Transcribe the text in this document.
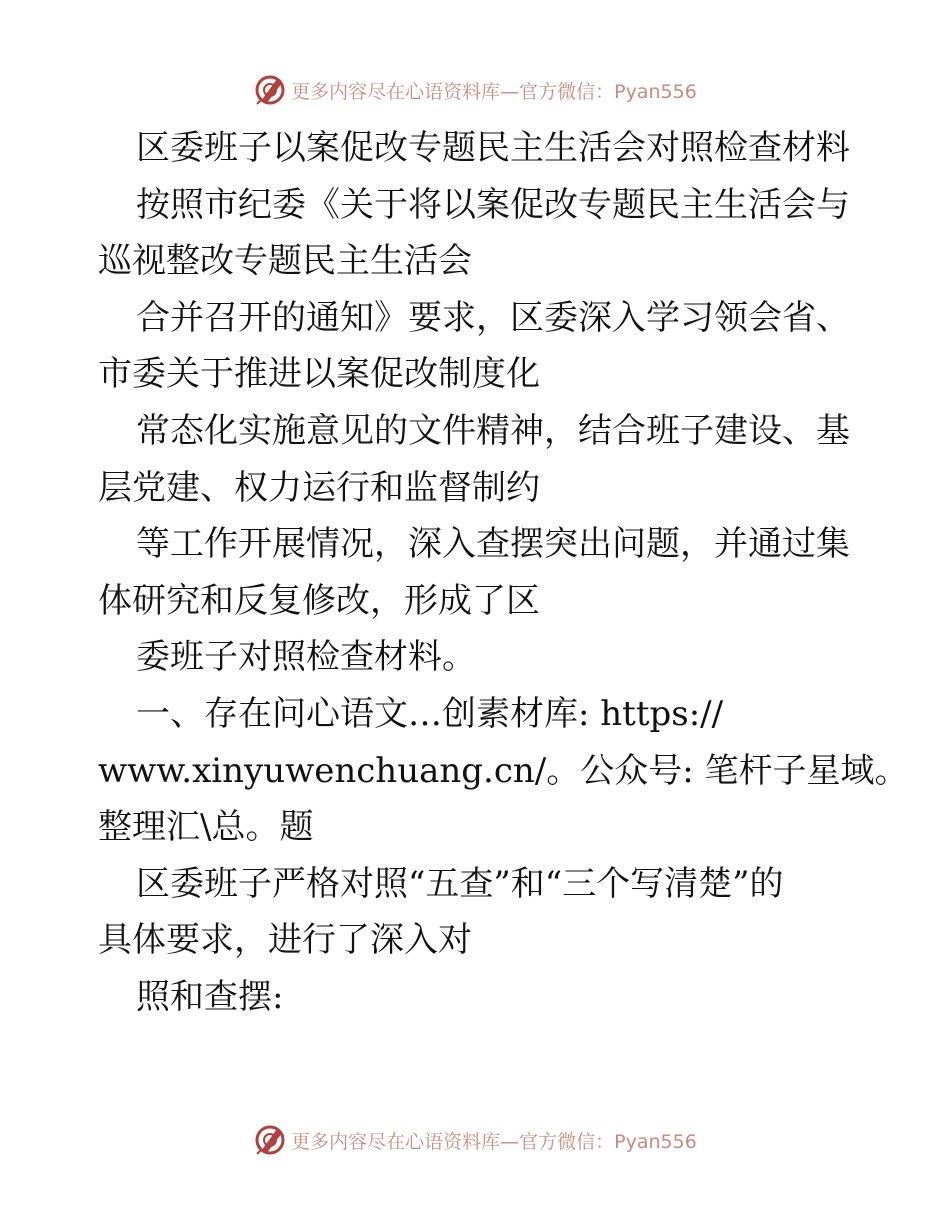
更多内容尽在心语资料库—官方微信：Pyan556
区委班子以案促改专题民主生活会对照检查材料
按照市纪委《关于将以案促改专题民主生活会与
巡视整改专题民主生活会
合并召开的通知》要求，区委深入学习领会省、
市委关于推进以案促改制度化
常态化实施意见的文件精神，结合班子建设、基
层党建、权力运行和监督制约
等工作开展情况，深入查摆突出问题，并通过集
体研究和反复修改，形成了区
委班子对照检查材料。
一、存在问心语文…创素材库: https://
www.xinyuwenchuang.cn/。公众号: 笔杆子星域。
整理汇\总。题
区委班子严格对照“五查”和“三个写清楚”的
具体要求，进行了深入对
照和查摆:
更多内容尽在心语资料库—官方微信：Pyan556
